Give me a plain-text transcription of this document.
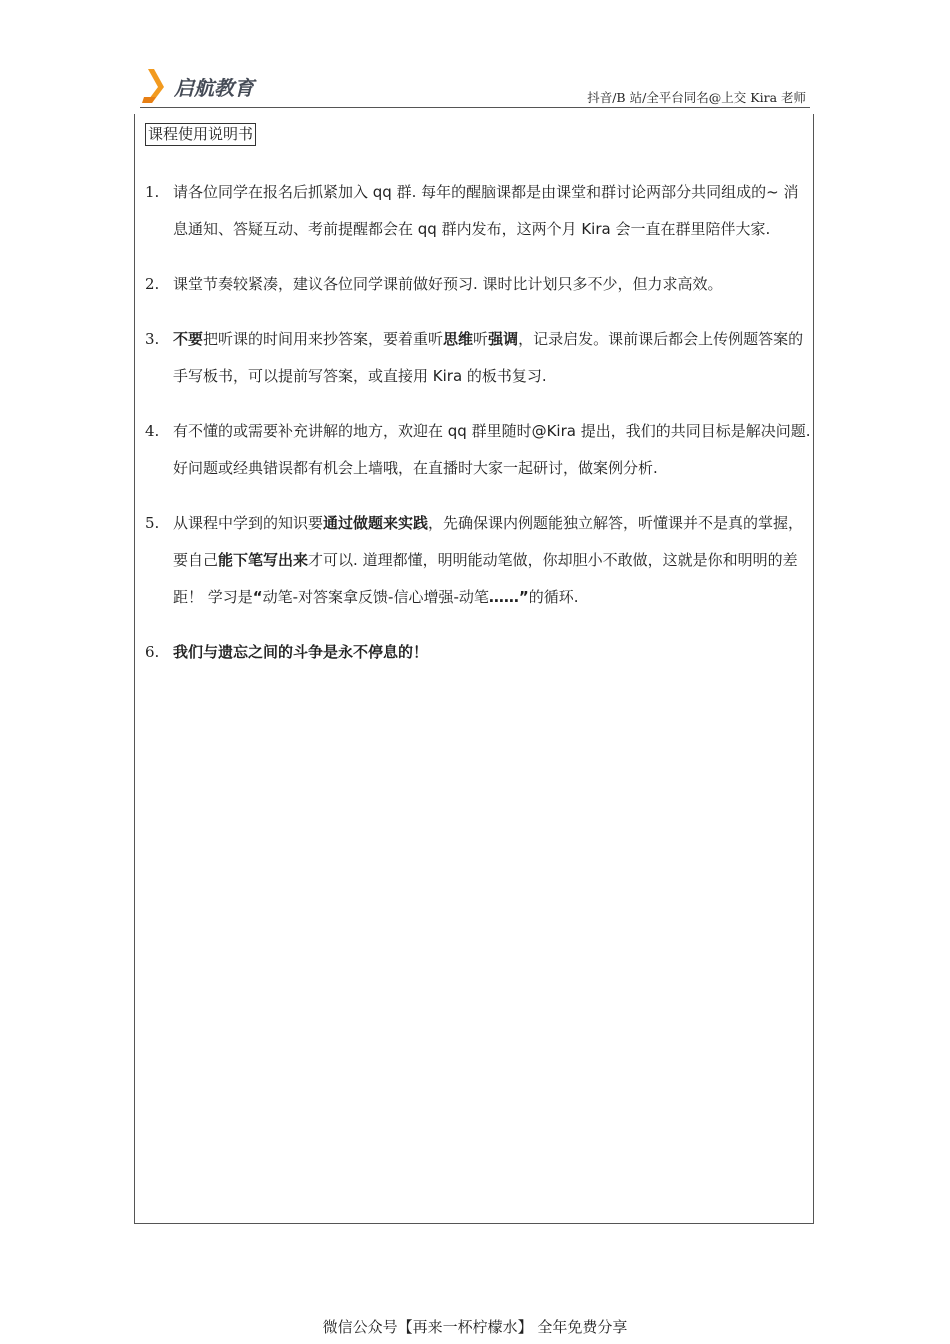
启航教育	抖音/B 站/全平台同名@上交 Kira 老师
课程使用说明书
1. 请各位同学在报名后抓紧加入 qq 群. 每年的醒脑课都是由课堂和群讨论两部分共同组成的~ 消息通知、答疑互动、考前提醒都会在 qq 群内发布，这两个月 Kira 会一直在群里陪伴大家.
2. 课堂节奏较紧凑，建议各位同学课前做好预习. 课时比计划只多不少，但力求高效。
3. 不要把听课的时间用来抄答案，要着重听思维听强调，记录启发。课前课后都会上传例题答案的手写板书，可以提前写答案，或直接用 Kira 的板书复习.
4. 有不懂的或需要补充讲解的地方，欢迎在 qq 群里随时@Kira 提出，我们的共同目标是解决问题. 好问题或经典错误都有机会上墙哦，在直播时大家一起研讨，做案例分析.
5. 从课程中学到的知识要通过做题来实践，先确保课内例题能独立解答，听懂课并不是真的掌握，要自己能下笔写出来才可以. 道理都懂，明明能动笔做，你却胆小不敢做，这就是你和明明的差距！ 学习是“动笔-对答案拿反馈-信心增强-动笔……”的循环.
6. 我们与遗忘之间的斗争是永不停息的！
微信公众号【再来一杯柠檬水】 全年免费分享
